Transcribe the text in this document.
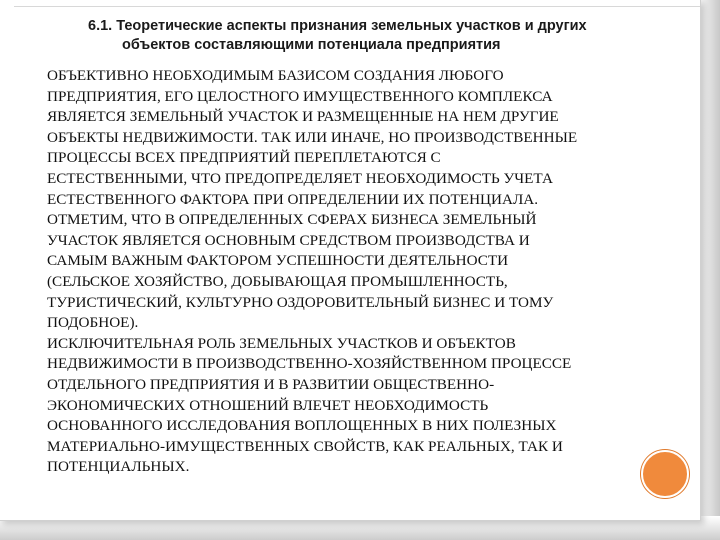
6.1. Теоретические аспекты признания земельных участков и других
объектов составляющими потенциала предприятия
ОБЪЕКТИВНО НЕОБХОДИМЫМ БАЗИСОМ СОЗДАНИЯ ЛЮБОГО
ПРЕДПРИЯТИЯ, ЕГО ЦЕЛОСТНОГО ИМУЩЕСТВЕННОГО КОМПЛЕКСА
ЯВЛЯЕТСЯ ЗЕМЕЛЬНЫЙ УЧАСТОК И РАЗМЕЩЕННЫЕ НА НЕМ ДРУГИЕ
ОБЪЕКТЫ НЕДВИЖИМОСТИ. ТАК ИЛИ ИНАЧЕ, НО ПРОИЗВОДСТВЕННЫЕ
ПРОЦЕССЫ ВСЕХ ПРЕДПРИЯТИЙ ПЕРЕПЛЕТАЮТСЯ С
ЕСТЕСТВЕННЫМИ, ЧТО ПРЕДОПРЕДЕЛЯЕТ НЕОБХОДИМОСТЬ УЧЕТА
ЕСТЕСТВЕННОГО ФАКТОРА ПРИ ОПРЕДЕЛЕНИИ ИХ ПОТЕНЦИАЛА.
ОТМЕТИМ, ЧТО В ОПРЕДЕЛЕННЫХ СФЕРАХ БИЗНЕСА ЗЕМЕЛЬНЫЙ
УЧАСТОК ЯВЛЯЕТСЯ ОСНОВНЫМ СРЕДСТВОМ ПРОИЗВОДСТВА И
САМЫМ ВАЖНЫМ ФАКТОРОМ УСПЕШНОСТИ ДЕЯТЕЛЬНОСТИ
(СЕЛЬСКОЕ ХОЗЯЙСТВО, ДОБЫВАЮЩАЯ ПРОМЫШЛЕННОСТЬ,
ТУРИСТИЧЕСКИЙ, КУЛЬТУРНО ОЗДОРОВИТЕЛЬНЫЙ БИЗНЕС И ТОМУ
ПОДОБНОЕ).
ИСКЛЮЧИТЕЛЬНАЯ РОЛЬ ЗЕМЕЛЬНЫХ УЧАСТКОВ И ОБЪЕКТОВ
НЕДВИЖИМОСТИ В ПРОИЗВОДСТВЕННО-ХОЗЯЙСТВЕННОМ ПРОЦЕССЕ
ОТДЕЛЬНОГО ПРЕДПРИЯТИЯ И В РАЗВИТИИ ОБЩЕСТВЕННО-
ЭКОНОМИЧЕСКИХ ОТНОШЕНИЙ ВЛЕЧЕТ НЕОБХОДИМОСТЬ
ОСНОВАННОГО ИССЛЕДОВАНИЯ ВОПЛОЩЕННЫХ В НИХ ПОЛЕЗНЫХ
МАТЕРИАЛЬНО-ИМУЩЕСТВЕННЫХ СВОЙСТВ, КАК РЕАЛЬНЫХ, ТАК И
ПОТЕНЦИАЛЬНЫХ.
